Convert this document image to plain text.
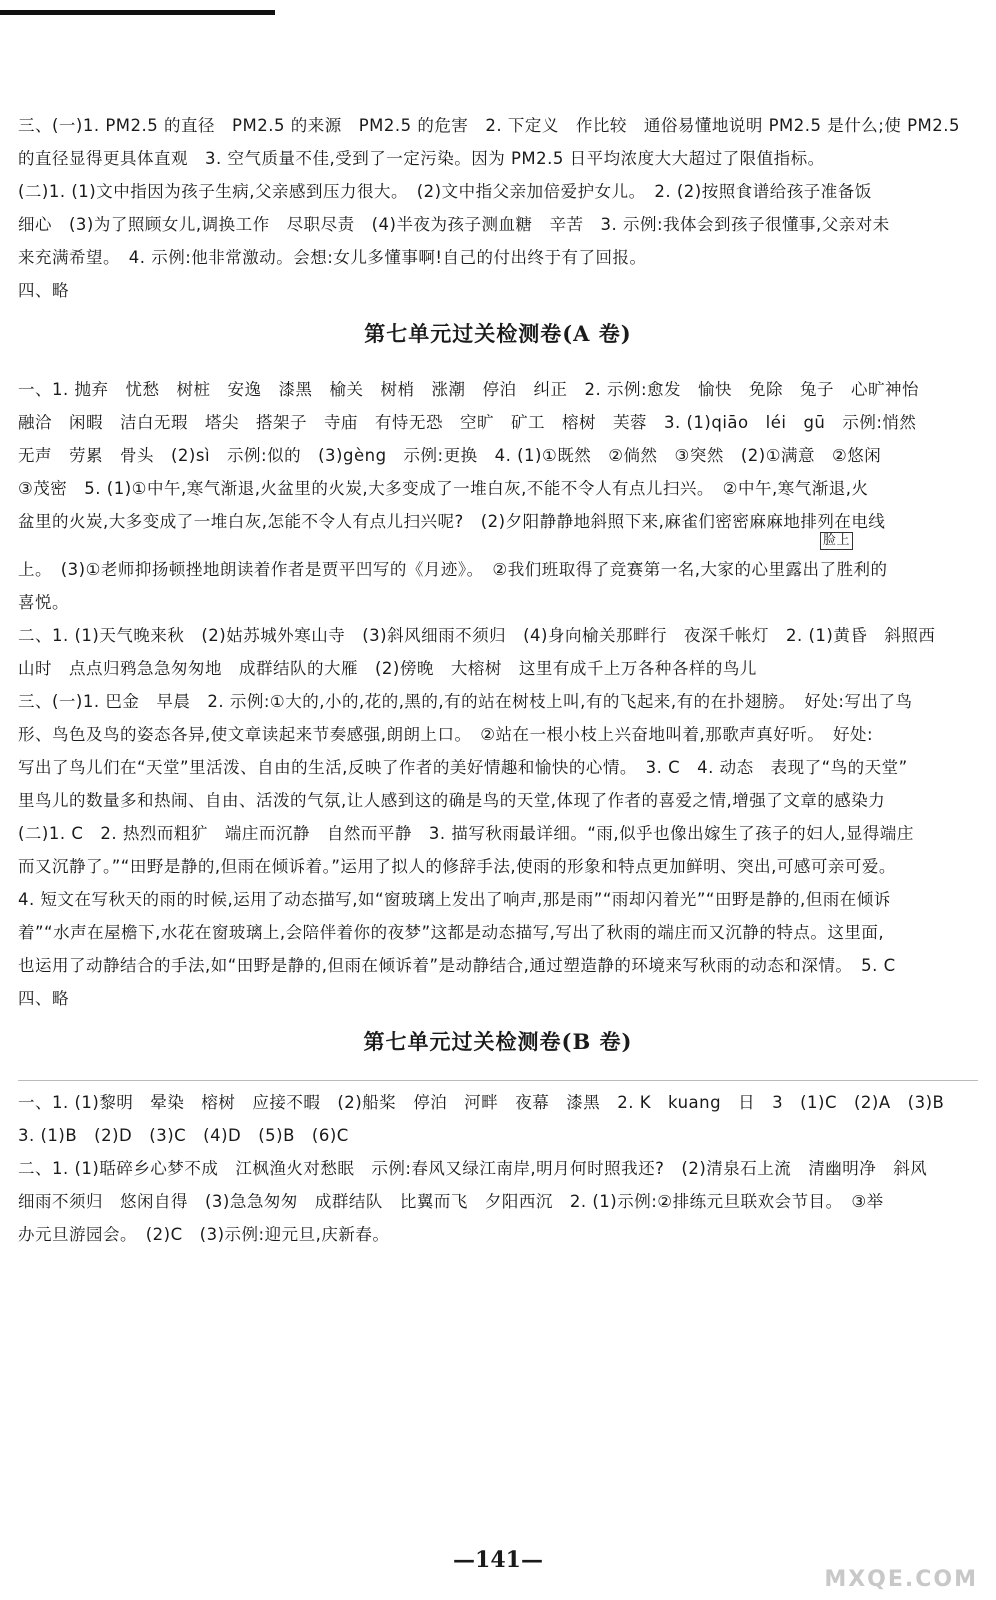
三、(一)1. PM2.5 的直径　PM2.5 的来源　PM2.5 的危害　2. 下定义　作比较　通俗易懂地说明 PM2.5 是什么;使 PM2.5
的直径显得更具体直观　3. 空气质量不佳,受到了一定污染。因为 PM2.5 日平均浓度大大超过了限值指标。
(二)1. (1)文中指因为孩子生病,父亲感到压力很大。　(2)文中指父亲加倍爱护女儿。　2. (2)按照食谱给孩子准备饭
细心　(3)为了照顾女儿,调换工作　尽职尽责　(4)半夜为孩子测血糖　辛苦　3. 示例:我体会到孩子很懂事,父亲对未
来充满希望。　4. 示例:他非常激动。会想:女儿多懂事啊!自己的付出终于有了回报。
四、略
第七单元过关检测卷(A 卷)
一、1. 抛弃　忧愁　树桩　安逸　漆黑　榆关　树梢　涨潮　停泊　纠正　2. 示例:愈发　愉快　免除　兔子　心旷神怡
融洽　闲暇　洁白无瑕　塔尖　搭架子　寺庙　有恃无恐　空旷　矿工　榕树　芙蓉　3. (1)qiāo　léi　gū　示例:悄然
无声　劳累　骨头　(2)sì　示例:似的　(3)gèng　示例:更换　4. (1)①既然　②倘然　③突然　(2)①满意　②悠闲
③茂密　5. (1)①中午,寒气渐退,火盆里的火炭,大多变成了一堆白灰,不能不令人有点儿扫兴。　②中午,寒气渐退,火
盆里的火炭,大多变成了一堆白灰,怎能不令人有点儿扫兴呢?　(2)夕阳静静地斜照下来,麻雀们密密麻麻地排列在电线
上。　(3)①老师抑扬顿挫地朗读着作者是贾平凹写的《月迹》。　②我们班取得了竞赛第一名,大家的心里露出了胜利的
脸上
喜悦。
二、1. (1)天气晚来秋　(2)姑苏城外寒山寺　(3)斜风细雨不须归　(4)身向榆关那畔行　夜深千帐灯　2. (1)黄昏　斜照西
山时　点点归鸦急急匆匆地　成群结队的大雁　(2)傍晚　大榕树　这里有成千上万各种各样的鸟儿
三、(一)1. 巴金　早晨　2. 示例:①大的,小的,花的,黑的,有的站在树枝上叫,有的飞起来,有的在扑翅膀。　好处:写出了鸟
形、鸟色及鸟的姿态各异,使文章读起来节奏感强,朗朗上口。　②站在一根小枝上兴奋地叫着,那歌声真好听。　好处:
写出了鸟儿们在“天堂”里活泼、自由的生活,反映了作者的美好情趣和愉快的心情。　3. C　4. 动态　表现了“鸟的天堂”
里鸟儿的数量多和热闹、自由、活泼的气氛,让人感到这的确是鸟的天堂,体现了作者的喜爱之情,增强了文章的感染力
(二)1. C　2. 热烈而粗犷　端庄而沉静　自然而平静　3. 描写秋雨最详细。“雨,似乎也像出嫁生了孩子的妇人,显得端庄
而又沉静了。”“田野是静的,但雨在倾诉着。”运用了拟人的修辞手法,使雨的形象和特点更加鲜明、突出,可感可亲可爱。
4. 短文在写秋天的雨的时候,运用了动态描写,如“窗玻璃上发出了响声,那是雨”“雨却闪着光”“田野是静的,但雨在倾诉
着”“水声在屋檐下,水花在窗玻璃上,会陪伴着你的夜梦”这都是动态描写,写出了秋雨的端庄而又沉静的特点。这里面,
也运用了动静结合的手法,如“田野是静的,但雨在倾诉着”是动静结合,通过塑造静的环境来写秋雨的动态和深情。　5. C
四、略
第七单元过关检测卷(B 卷)
一、1. (1)黎明　晕染　榕树　应接不暇　(2)船桨　停泊　河畔　夜幕　漆黑　2. K　kuang　日　3　(1)C　(2)A　(3)B
3. (1)B　(2)D　(3)C　(4)D　(5)B　(6)C
二、1. (1)聒碎乡心梦不成　江枫渔火对愁眠　示例:春风又绿江南岸,明月何时照我还?　(2)清泉石上流　清幽明净　斜风
细雨不须归　悠闲自得　(3)急急匆匆　成群结队　比翼而飞　夕阳西沉　2. (1)示例:②排练元旦联欢会节目。　③举
办元旦游园会。　(2)C　(3)示例:迎元旦,庆新春。
—141—
MXQE.COM
